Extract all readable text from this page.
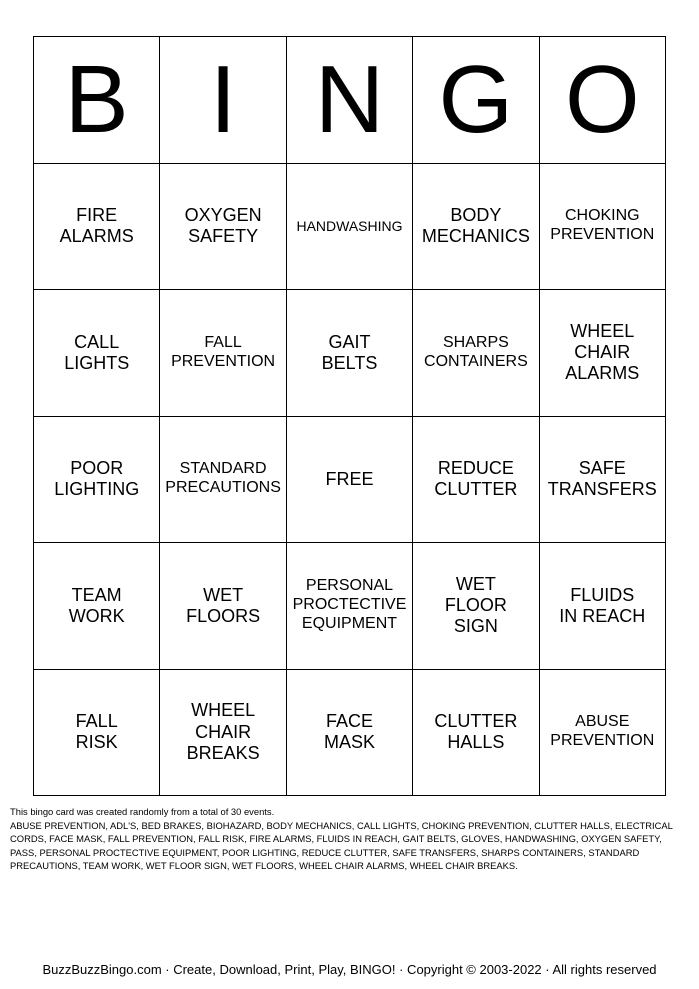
B I N G O
FIRE
ALARMS
OXYGEN
SAFETY
HANDWASHING
BODY
MECHANICS
CHOKING
PREVENTION
CALL
LIGHTS
FALL
PREVENTION
GAIT
BELTS
SHARPS
CONTAINERS
WHEEL
CHAIR
ALARMS
POOR
LIGHTING
STANDARD
PRECAUTIONS FREE
REDUCE
CLUTTER
SAFE
TRANSFERS
TEAM
WORK
WET
FLOORS
PERSONAL
PROCTECTIVE
EQUIPMENT
WET
FLOOR
SIGN
FLUIDS
IN REACH
FALL
RISK
WHEEL
CHAIR
BREAKS
FACE
MASK
CLUTTER
HALLS
ABUSE
PREVENTION

This bingo card was created randomly from a total of 30 events.

ABUSE PREVENTION, ADL'S, BED BRAKES, BIOHAZARD, BODY MECHANICS, CALL LIGHTS, CHOKING PREVENTION, CLUTTER HALLS, ELECTRICAL CORDS, FACE MASK, FALL PREVENTION, FALL RISK, FIRE ALARMS, FLUIDS IN REACH, GAIT BELTS, GLOVES, HANDWASHING, OXYGEN SAFETY, PASS, PERSONAL PROCTECTIVE EQUIPMENT, POOR LIGHTING, REDUCE CLUTTER, SAFE TRANSFERS, SHARPS CONTAINERS, STANDARD PRECAUTIONS, TEAM WORK, WET FLOOR SIGN, WET FLOORS, WHEEL CHAIR ALARMS, WHEEL CHAIR BREAKS.

BuzzBuzzBingo.com · Create, Download, Print, Play, BINGO! · Copyright © 2003-2022 · All rights reserved
